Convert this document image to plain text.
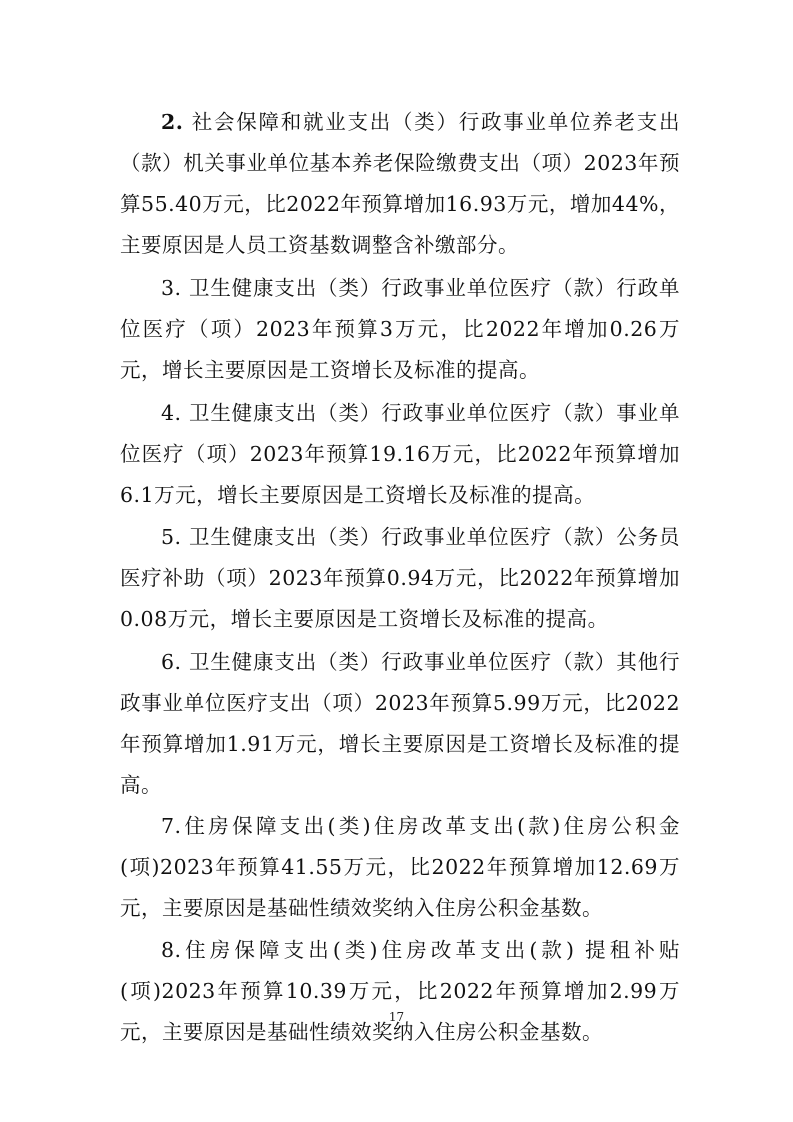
2. 社会保障和就业支出（类）行政事业单位养老支出（款）机关事业单位基本养老保险缴费支出（项）2023年预算55.40万元，比2022年预算增加16.93万元，增加44%，主要原因是人员工资基数调整含补缴部分。

3. 卫生健康支出（类）行政事业单位医疗（款）行政单位医疗（项）2023年预算3万元，比2022年增加0.26万元，增长主要原因是工资增长及标准的提高。

4. 卫生健康支出（类）行政事业单位医疗（款）事业单位医疗（项）2023年预算19.16万元，比2022年预算增加6.1万元，增长主要原因是工资增长及标准的提高。

5. 卫生健康支出（类）行政事业单位医疗（款）公务员医疗补助（项）2023年预算0.94万元，比2022年预算增加0.08万元，增长主要原因是工资增长及标准的提高。

6. 卫生健康支出（类）行政事业单位医疗（款）其他行政事业单位医疗支出（项）2023年预算5.99万元，比2022年预算增加1.91万元，增长主要原因是工资增长及标准的提高。

7.住房保障支出(类)住房改革支出(款)住房公积金(项)2023年预算41.55万元，比2022年预算增加12.69万元，主要原因是基础性绩效奖纳入住房公积金基数。

8.住房保障支出(类)住房改革支出(款) 提租补贴(项)2023年预算10.39万元，比2022年预算增加2.99万元，主要原因是基础性绩效奖纳入住房公积金基数。

17
